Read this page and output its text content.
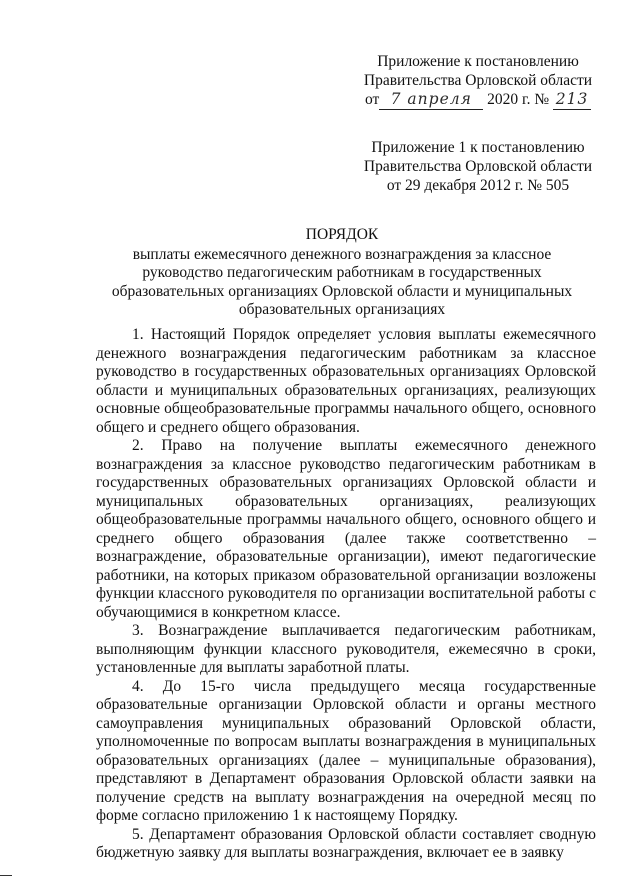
Приложение к постановлению
Правительства Орловской области
от 7 апреля 2020 г. № 213
Приложение 1 к постановлению
Правительства Орловской области
от 29 декабря 2012 г. № 505
ПОРЯДОК
выплаты ежемесячного денежного вознаграждения за классное руководство педагогическим работникам в государственных образовательных организациях Орловской области и муниципальных образовательных организациях

1. Настоящий Порядок определяет условия выплаты ежемесячного денежного вознаграждения педагогическим работникам за классное руководство в государственных образовательных организациях Орловской области и муниципальных образовательных организациях, реализующих основные общеобразовательные программы начального общего, основного общего и среднего общего образования.

2. Право на получение выплаты ежемесячного денежного вознаграждения за классное руководство педагогическим работникам в государственных образовательных организациях Орловской области и муниципальных образовательных организациях, реализующих общеобразовательные программы начального общего, основного общего и среднего общего образования (далее также соответственно – вознаграждение, образовательные организации), имеют педагогические работники, на которых приказом образовательной организации возложены функции классного руководителя по организации воспитательной работы с обучающимися в конкретном классе.

3. Вознаграждение выплачивается педагогическим работникам, выполняющим функции классного руководителя, ежемесячно в сроки, установленные для выплаты заработной платы.

4. До 15-го числа предыдущего месяца государственные образовательные организации Орловской области и органы местного самоуправления муниципальных образований Орловской области, уполномоченные по вопросам выплаты вознаграждения в муниципальных образовательных организациях (далее – муниципальные образования), представляют в Департамент образования Орловской области заявки на получение средств на выплату вознаграждения на очередной месяц по форме согласно приложению 1 к настоящему Порядку.

5. Департамент образования Орловской области составляет сводную бюджетную заявку для выплаты вознаграждения, включает ее в заявку
